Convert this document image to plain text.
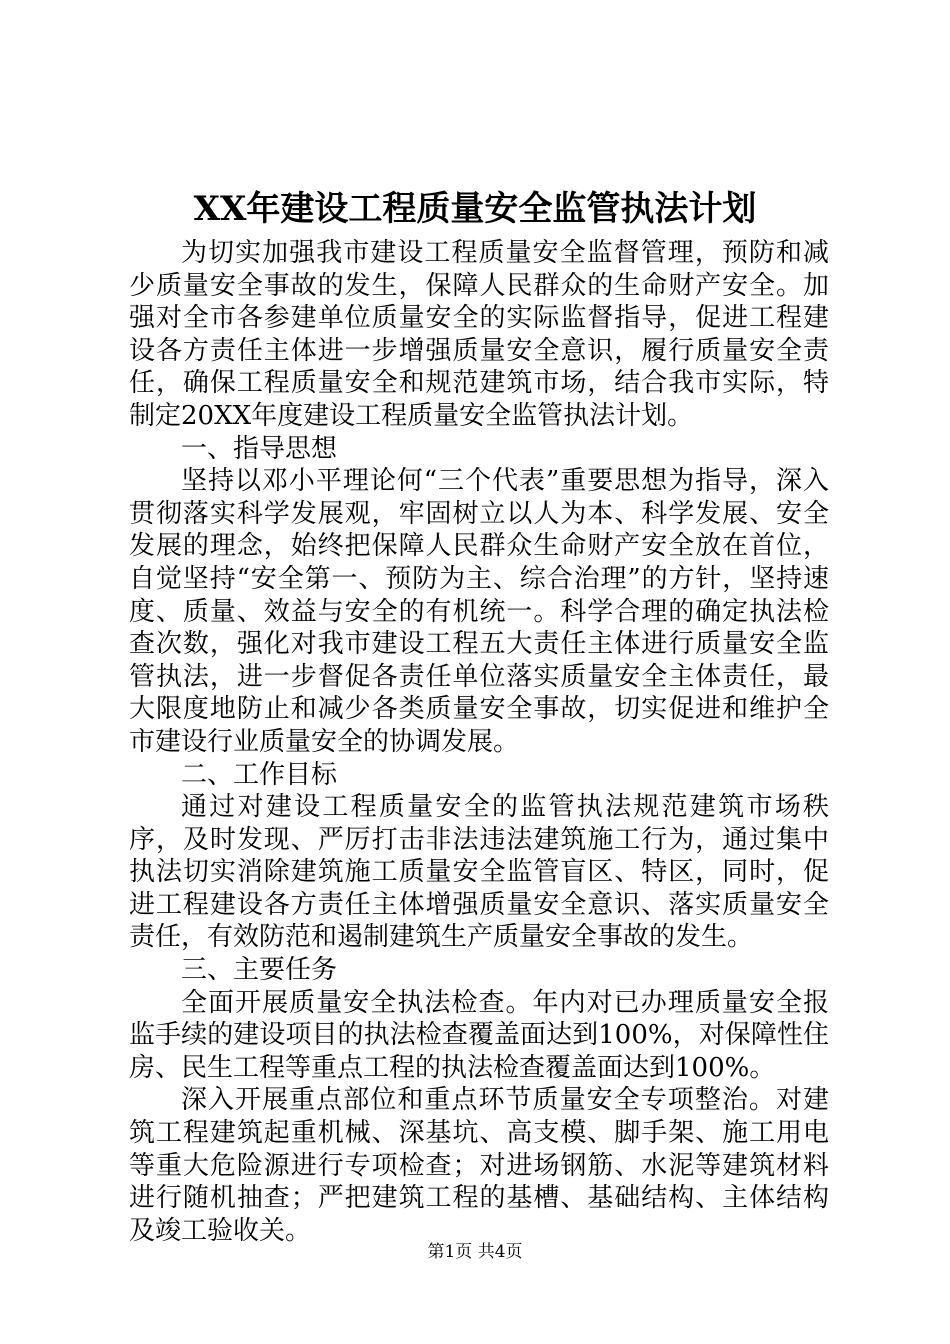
XX年建设工程质量安全监管执法计划

为切实加强我市建设工程质量安全监督管理，预防和减少质量安全事故的发生，保障人民群众的生命财产安全。加强对全市各参建单位质量安全的实际监督指导，促进工程建设各方责任主体进一步增强质量安全意识，履行质量安全责任，确保工程质量安全和规范建筑市场，结合我市实际，特制定20XX年度建设工程质量安全监管执法计划。

一、指导思想

坚持以邓小平理论何“三个代表”重要思想为指导，深入贯彻落实科学发展观，牢固树立以人为本、科学发展、安全发展的理念，始终把保障人民群众生命财产安全放在首位，自觉坚持“安全第一、预防为主、综合治理”的方针，坚持速度、质量、效益与安全的有机统一。科学合理的确定执法检查次数，强化对我市建设工程五大责任主体进行质量安全监管执法，进一步督促各责任单位落实质量安全主体责任，最大限度地防止和减少各类质量安全事故，切实促进和维护全市建设行业质量安全的协调发展。

二、工作目标

通过对建设工程质量安全的监管执法规范建筑市场秩序，及时发现、严厉打击非法违法建筑施工行为，通过集中执法切实消除建筑施工质量安全监管盲区、特区，同时，促进工程建设各方责任主体增强质量安全意识、落实质量安全责任，有效防范和遏制建筑生产质量安全事故的发生。

三、主要任务

全面开展质量安全执法检查。年内对已办理质量安全报监手续的建设项目的执法检查覆盖面达到100%，对保障性住房、民生工程等重点工程的执法检查覆盖面达到100%。

深入开展重点部位和重点环节质量安全专项整治。对建筑工程建筑起重机械、深基坑、高支模、脚手架、施工用电等重大危险源进行专项检查；对进场钢筋、水泥等建筑材料进行随机抽查；严把建筑工程的基槽、基础结构、主体结构及竣工验收关。

第1页 共4页
